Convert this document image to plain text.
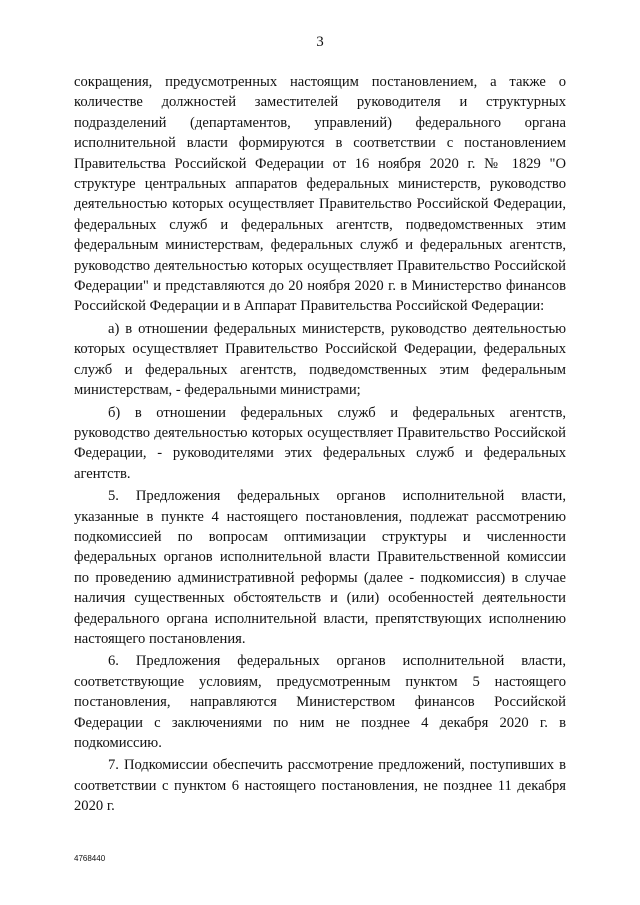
3

сокращения, предусмотренных настоящим постановлением, а также о количестве должностей заместителей руководителя и структурных подразделений (департаментов, управлений) федерального органа исполнительной власти формируются в соответствии с постановлением Правительства Российской Федерации от 16 ноября 2020 г. № 1829 "О структуре центральных аппаратов федеральных министерств, руководство деятельностью которых осуществляет Правительство Российской Федерации, федеральных служб и федеральных агентств, подведомственных этим федеральным министерствам, федеральных служб и федеральных агентств, руководство деятельностью которых осуществляет Правительство Российской Федерации" и представляются до 20 ноября 2020 г. в Министерство финансов Российской Федерации и в Аппарат Правительства Российской Федерации:

а) в отношении федеральных министерств, руководство деятельностью которых осуществляет Правительство Российской Федерации, федеральных служб и федеральных агентств, подведомственных этим федеральным министерствам, - федеральными министрами;

б) в отношении федеральных служб и федеральных агентств, руководство деятельностью которых осуществляет Правительство Российской Федерации, - руководителями этих федеральных служб и федеральных агентств.

5. Предложения федеральных органов исполнительной власти, указанные в пункте 4 настоящего постановления, подлежат рассмотрению подкомиссией по вопросам оптимизации структуры и численности федеральных органов исполнительной власти Правительственной комиссии по проведению административной реформы (далее - подкомиссия) в случае наличия существенных обстоятельств и (или) особенностей деятельности федерального органа исполнительной власти, препятствующих исполнению настоящего постановления.

6. Предложения федеральных органов исполнительной власти, соответствующие условиям, предусмотренным пунктом 5 настоящего постановления, направляются Министерством финансов Российской Федерации с заключениями по ним не позднее 4 декабря 2020 г. в подкомиссию.

7. Подкомиссии обеспечить рассмотрение предложений, поступивших в соответствии с пунктом 6 настоящего постановления, не позднее 11 декабря 2020 г.

4768440
